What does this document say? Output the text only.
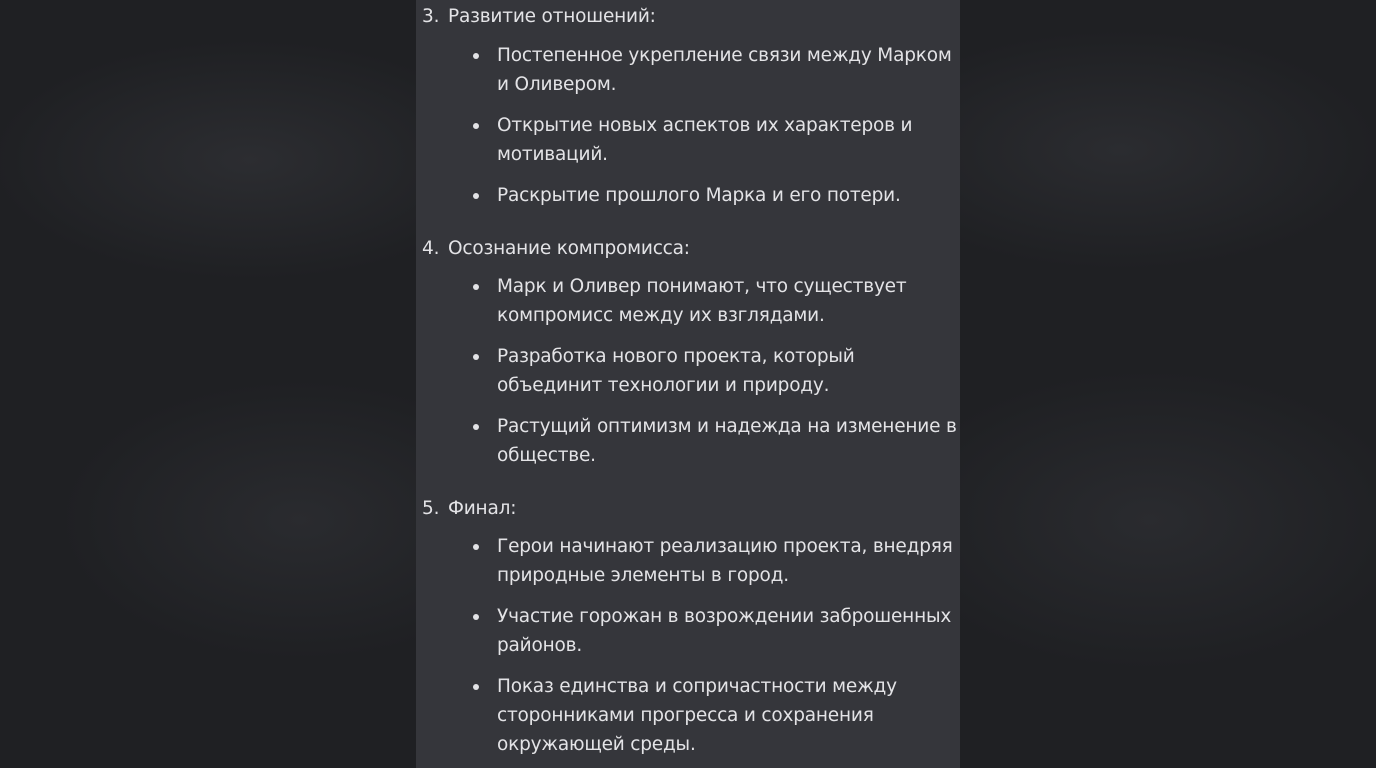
3. Развитие отношений:
Постепенное укрепление связи между Марком и Оливером.
Открытие новых аспектов их характеров и мотиваций.
Раскрытие прошлого Марка и его потери.
4. Осознание компромисса:
Марк и Оливер понимают, что существует компромисс между их взглядами.
Разработка нового проекта, который объединит технологии и природу.
Растущий оптимизм и надежда на изменение в обществе.
5. Финал:
Герои начинают реализацию проекта, внедряя природные элементы в город.
Участие горожан в возрождении заброшенных районов.
Показ единства и сопричастности между сторонниками прогресса и сохранения окружающей среды.
